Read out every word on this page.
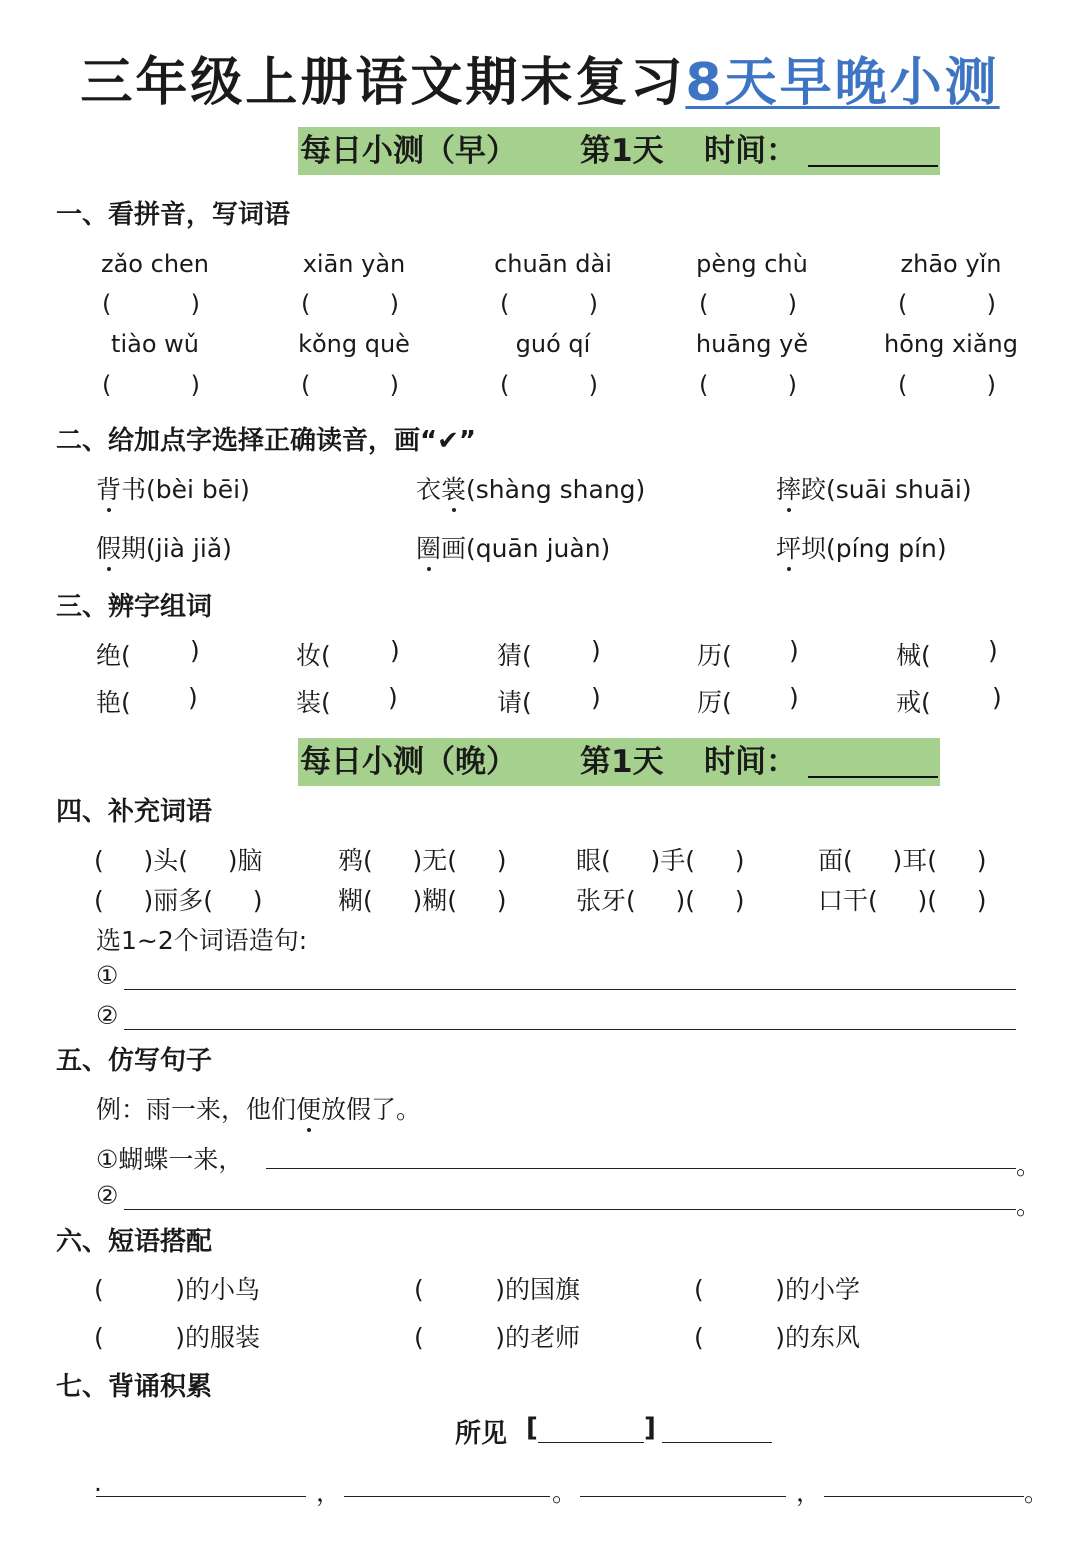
三年级上册语文期末复习8天早晚小测
每日小测（早） 第1天 时间：
一、看拼音，写词语
zǎo chen	xiān yàn	chuān dài	pèng chù	zhāo yǐn
(	)	(	)	(	)	(	)	(	)
tiào wǔ	kǒng què	guó qí	huāng yě	hōng xiǎng
(	)	(	)	(	)	(	)	(	)
二、给加点字选择正确读音，画“✔”
背书(bèi bēi)	衣裳(shàng shang)	摔跤(suāi shuāi)
假期(jià jiǎ)	圈画(quān juàn)	坪坝(píng pín)
三、辨字组词
绝( )	妆( )	猜( )	历( )	械( )
艳( )	装( )	请( )	厉( )	戒( )
每日小测（晚） 第1天 时间：
四、补充词语
(     )头(     )脑	鸦(     )无(     )	眼(     )手(     )	面(     )耳(     )
(     )丽多(     )	糊(     )糊(     )	张牙(     )(     )	口干(     )(     )
选1~2个词语造句:
①
②
五、仿写句子
例：雨一来，他们便放假了。
①蝴蝶一来，	。
②	。
六、短语搭配
(         )的小鸟	(         )的国旗	(         )的小学
(         )的服装	(         )的老师	(         )的东风
七、背诵积累
所见 [	]
.	，	。	，	。
